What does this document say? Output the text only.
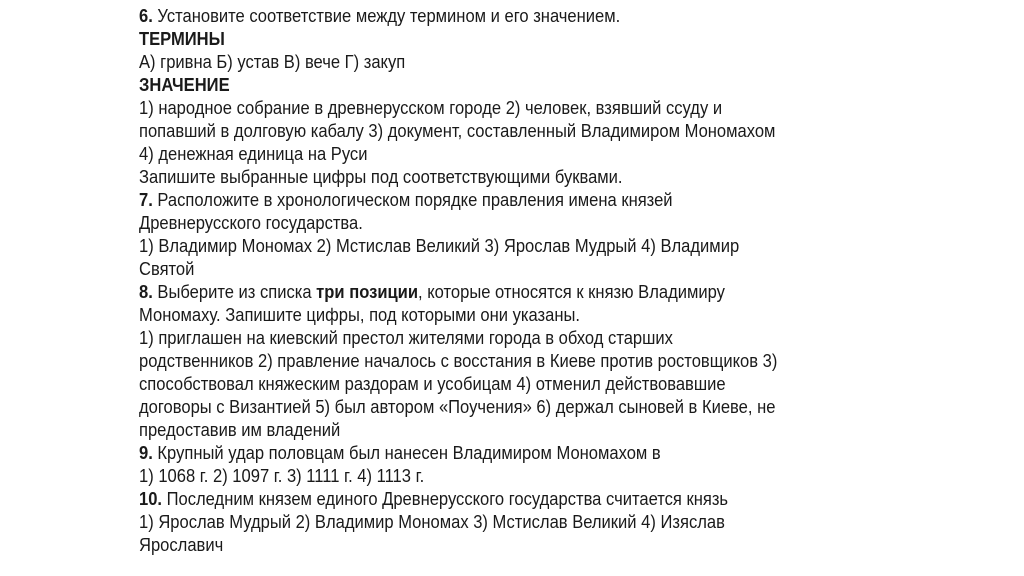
6. Установите соответствие между термином и его значением.
ТЕРМИНЫ
А) гривна Б) устав В) вече Г) закуп
ЗНАЧЕНИЕ
1) народное собрание в древнерусском городе 2) человек, взявший ссуду и
попавший в долговую кабалу 3) документ, составленный Владимиром Мономахом
4) денежная единица на Руси
Запишите выбранные цифры под соответствующими буквами.
7. Расположите в хронологическом порядке правления имена князей
Древнерусского государства.
1) Владимир Мономах 2) Мстислав Великий 3) Ярослав Мудрый 4) Владимир
Святой
8. Выберите из списка три позиции, которые относятся к князю Владимиру
Мономаху. Запишите цифры, под которыми они указаны.
1) приглашен на киевский престол жителями города в обход старших
родственников 2) правление началось с восстания в Киеве против ростовщиков 3)
способствовал княжеским раздорам и усобицам 4) отменил действовавшие
договоры с Византией 5) был автором «Поучения» 6) держал сыновей в Киеве, не
предоставив им владений
9. Крупный удар половцам был нанесен Владимиром Мономахом в
1) 1068 г. 2) 1097 г. 3) 1111 г. 4) 1113 г.
10. Последним князем единого Древнерусского государства считается князь
1) Ярослав Мудрый 2) Владимир Мономах 3) Мстислав Великий 4) Изяслав
Ярославич
